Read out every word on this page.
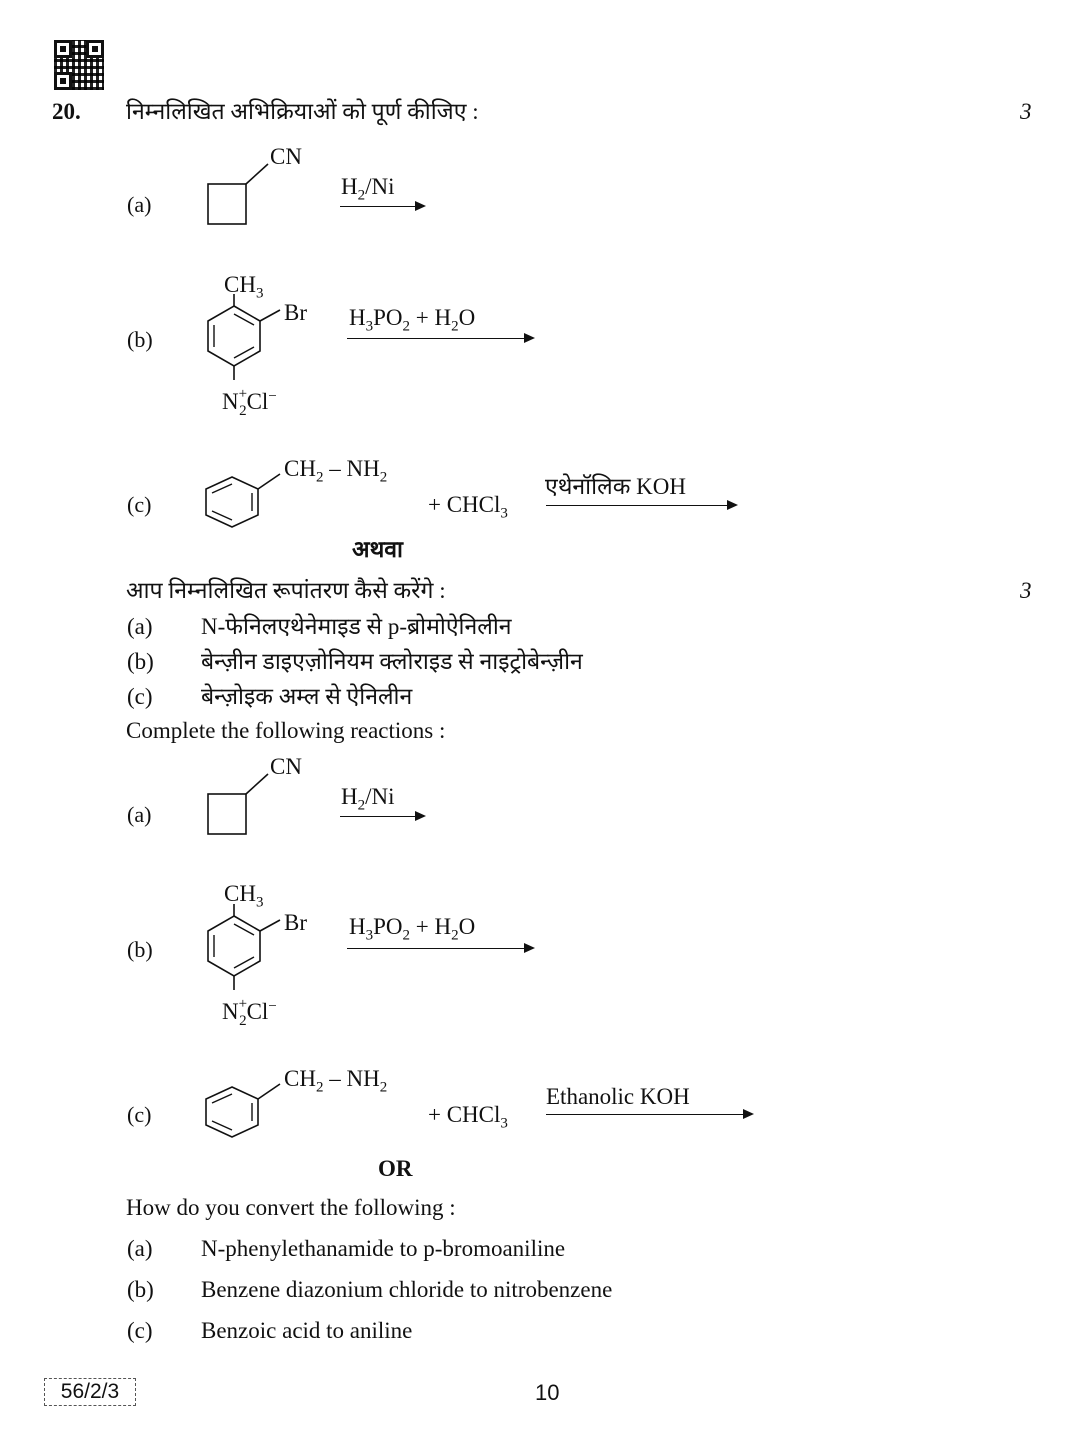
20. निम्नलिखित अभिक्रियाओं को पूर्ण कीजिए :	3
(a)
CN
$H_2/Ni$
(b)
$CH_3$
Br
$N^+_2Cl^-$
$H_3PO_2 + H_2O$
(c)
$CH_2 - NH_2$
+ CHCl$_3$
एथेनॉलिक KOH
अथवा
आप निम्नलिखित रूपांतरण कैसे करेंगे :	3
(a) N-फेनिलएथेनेमाइड से p-ब्रोमोऐनिलीन
(b) बेन्ज़ीन डाइएज़ोनियम क्लोराइड से नाइट्रोबेन्ज़ीन
(c) बेन्ज़ोइक अम्ल से ऐनिलीन
Complete the following reactions :
(a)
CN
$H_2/Ni$
(b)
$CH_3$
Br
$N^+_2Cl^-$
$H_3PO_2 + H_2O$
(c)
$CH_2 - NH_2$
+ CHCl$_3$
Ethanolic KOH
OR
How do you convert the following :
(a) N-phenylethanamide to p-bromoaniline
(b) Benzene diazonium chloride to nitrobenzene
(c) Benzoic acid to aniline
56/2/3	10
